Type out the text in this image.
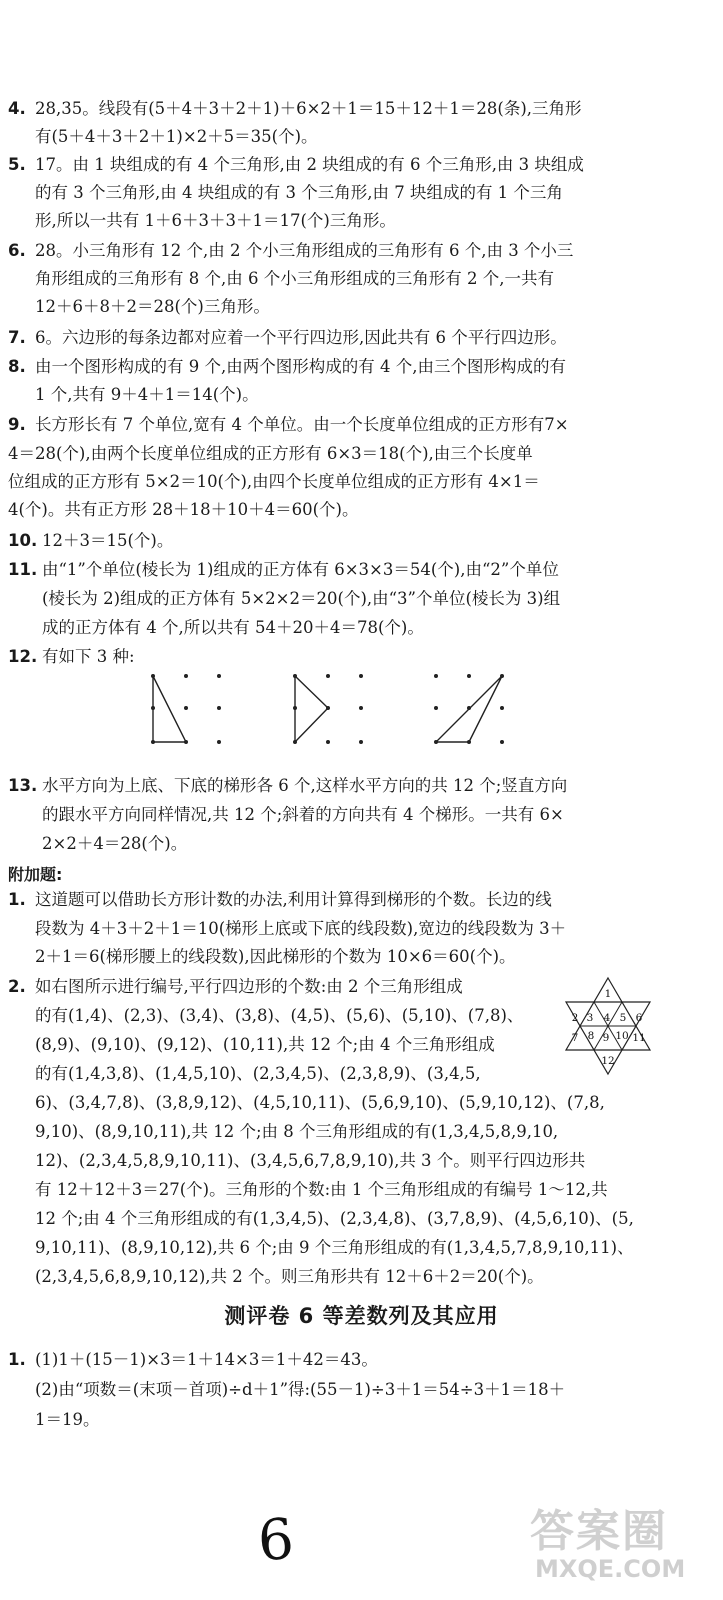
4. 28,35。线段有(5＋4＋3＋2＋1)＋6×2＋1＝15＋12＋1＝28(条),三角形
有(5＋4＋3＋2＋1)×2＋5＝35(个)。
5. 17。由 1 块组成的有 4 个三角形,由 2 块组成的有 6 个三角形,由 3 块组成
的有 3 个三角形,由 4 块组成的有 3 个三角形,由 7 块组成的有 1 个三角
形,所以一共有 1＋6＋3＋3＋1＝17(个)三角形。
6. 28。小三角形有 12 个,由 2 个小三角形组成的三角形有 6 个,由 3 个小三
角形组成的三角形有 8 个,由 6 个小三角形组成的三角形有 2 个,一共有
12＋6＋8＋2＝28(个)三角形。
7. 6。六边形的每条边都对应着一个平行四边形,因此共有 6 个平行四边形。
8. 由一个图形构成的有 9 个,由两个图形构成的有 4 个,由三个图形构成的有
1 个,共有 9＋4＋1＝14(个)。
9. 长方形长有 7 个单位,宽有 4 个单位。由一个长度单位组成的正方形有7×
4＝28(个),由两个长度单位组成的正方形有 6×3＝18(个),由三个长度单
位组成的正方形有 5×2＝10(个),由四个长度单位组成的正方形有 4×1＝
4(个)。共有正方形 28＋18＋10＋4＝60(个)。
10. 12＋3＝15(个)。
11. 由“1”个单位(棱长为 1)组成的正方体有 6×3×3＝54(个),由“2”个单位
(棱长为 2)组成的正方体有 5×2×2＝20(个),由“3”个单位(棱长为 3)组
成的正方体有 4 个,所以共有 54＋20＋4＝78(个)。
12. 有如下 3 种:
13. 水平方向为上底、下底的梯形各 6 个,这样水平方向的共 12 个;竖直方向
的跟水平方向同样情况,共 12 个;斜着的方向共有 4 个梯形。一共有 6×
2×2＋4＝28(个)。
附加题:
1. 这道题可以借助长方形计数的办法,利用计算得到梯形的个数。长边的线
段数为 4＋3＋2＋1＝10(梯形上底或下底的线段数),宽边的线段数为 3＋
2＋1＝6(梯形腰上的线段数),因此梯形的个数为 10×6＝60(个)。
2. 如右图所示进行编号,平行四边形的个数:由 2 个三角形组成
的有(1,4)、(2,3)、(3,4)、(3,8)、(4,5)、(5,6)、(5,10)、(7,8)、
(8,9)、(9,10)、(9,12)、(10,11),共 12 个;由 4 个三角形组成
的有(1,4,3,8)、(1,4,5,10)、(2,3,4,5)、(2,3,8,9)、(3,4,5,
6)、(3,4,7,8)、(3,8,9,12)、(4,5,10,11)、(5,6,9,10)、(5,9,10,12)、(7,8,
9,10)、(8,9,10,11),共 12 个;由 8 个三角形组成的有(1,3,4,5,8,9,10,
12)、(2,3,4,5,8,9,10,11)、(3,4,5,6,7,8,9,10),共 3 个。则平行四边形共
有 12＋12＋3＝27(个)。三角形的个数:由 1 个三角形组成的有编号 1～12,共
12 个;由 4 个三角形组成的有(1,3,4,5)、(2,3,4,8)、(3,7,8,9)、(4,5,6,10)、(5,
9,10,11)、(8,9,10,12),共 6 个;由 9 个三角形组成的有(1,3,4,5,7,8,9,10,11)、
(2,3,4,5,6,8,9,10,12),共 2 个。则三角形共有 12＋6＋2＝20(个)。
1
2 3 4 5 6
7 8 9 10 11
12
测评卷 6 等差数列及其应用
1. (1)1＋(15－1)×3＝1＋14×3＝1＋42＝43。
(2)由“项数＝(末项－首项)÷d＋1”得:(55－1)÷3＋1＝54÷3＋1＝18＋
1＝19。
6	答案圈
MXQE.COM
